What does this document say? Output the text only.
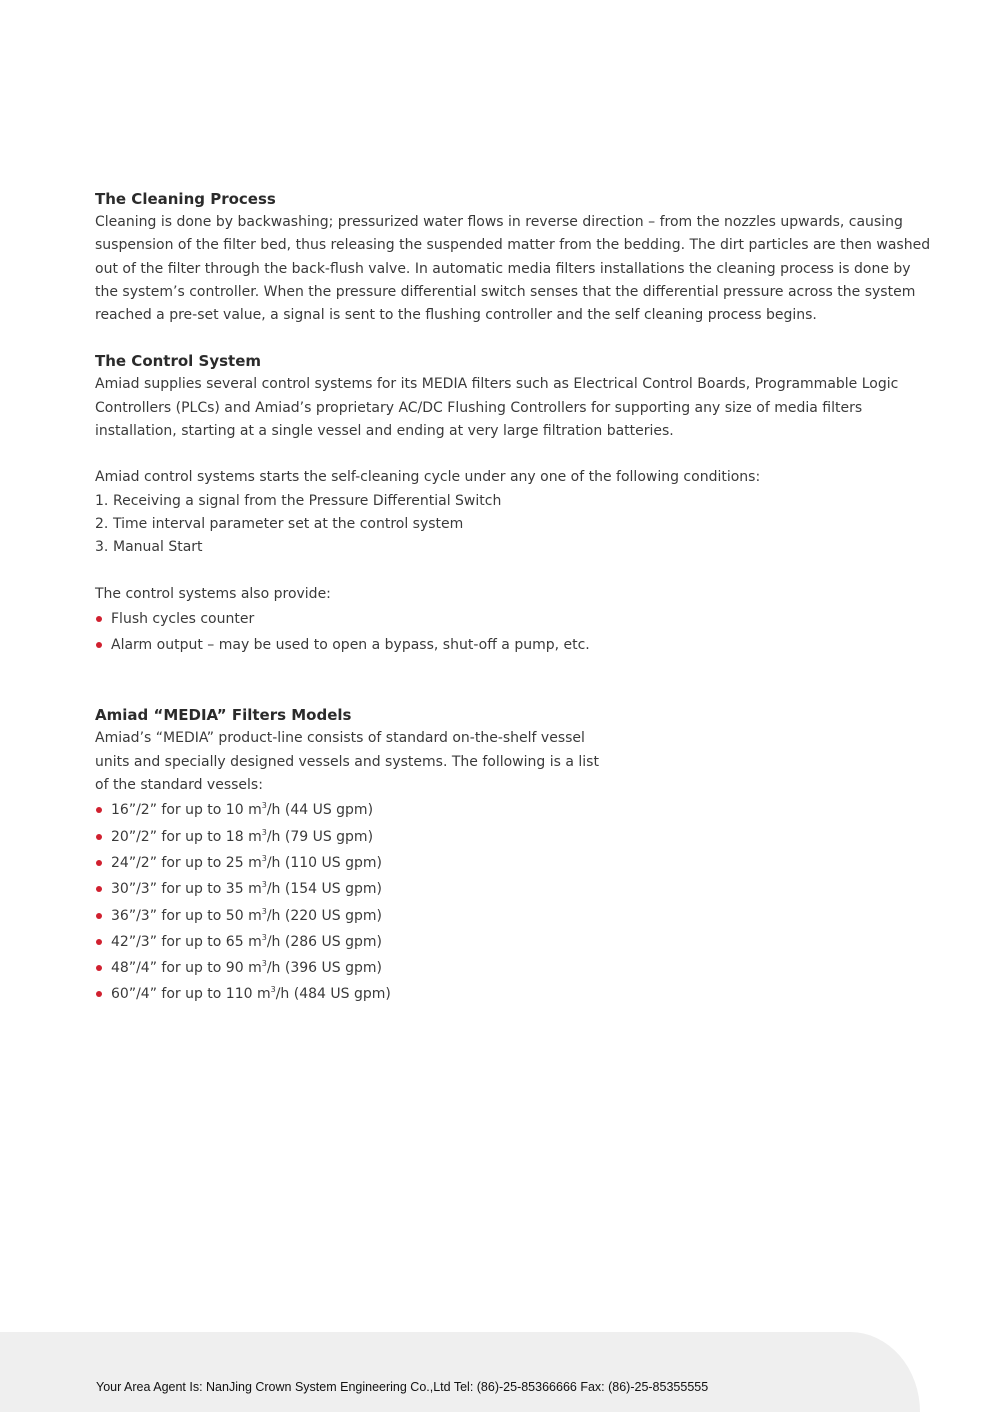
The Cleaning Process

Cleaning is done by backwashing; pressurized water flows in reverse direction – from the nozzles upwards, causing

suspension of the filter bed, thus releasing the suspended matter from the bedding. The dirt particles are then washed

out of the filter through the back-flush valve. In automatic media filters installations the cleaning process is done by

the system’s controller. When the pressure differential switch senses that the differential pressure across the system

reached a pre-set value, a signal is sent to the flushing controller and the self cleaning process begins.

The Control System

Amiad supplies several control systems for its MEDIA filters such as Electrical Control Boards, Programmable Logic

Controllers (PLCs) and Amiad’s proprietary AC/DC Flushing Controllers for supporting any size of media filters

installation, starting at a single vessel and ending at very large filtration batteries.

Amiad control systems starts the self-cleaning cycle under any one of the following conditions:

1. Receiving a signal from the Pressure Differential Switch
2. Time interval parameter set at the control system
3. Manual Start

The control systems also provide:

Flush cycles counter
Alarm output – may be used to open a bypass, shut-off a pump, etc.
Amiad “MEDIA” Filters Models

Amiad’s “MEDIA” product-line consists of standard on-the-shelf vessel

units and specially designed vessels and systems. The following is a list

of the standard vessels:

16”/2” for up to 10 $m^3/h$ (44 US gpm)
20”/2” for up to 18 $m^3/h$ (79 US gpm)
24”/2” for up to 25 $m^3/h$ (110 US gpm)
30”/3” for up to 35 $m^3/h$ (154 US gpm)
36”/3” for up to 50 $m^3/h$ (220 US gpm)
42”/3” for up to 65 $m^3/h$ (286 US gpm)
48”/4” for up to 90 $m^3/h$ (396 US gpm)
60”/4” for up to 110 $m^3/h$ (484 US gpm)
Your Area Agent Is: NanJing Crown System Engineering Co.,Ltd Tel: (86)-25-85366666 Fax: (86)-25-85355555
